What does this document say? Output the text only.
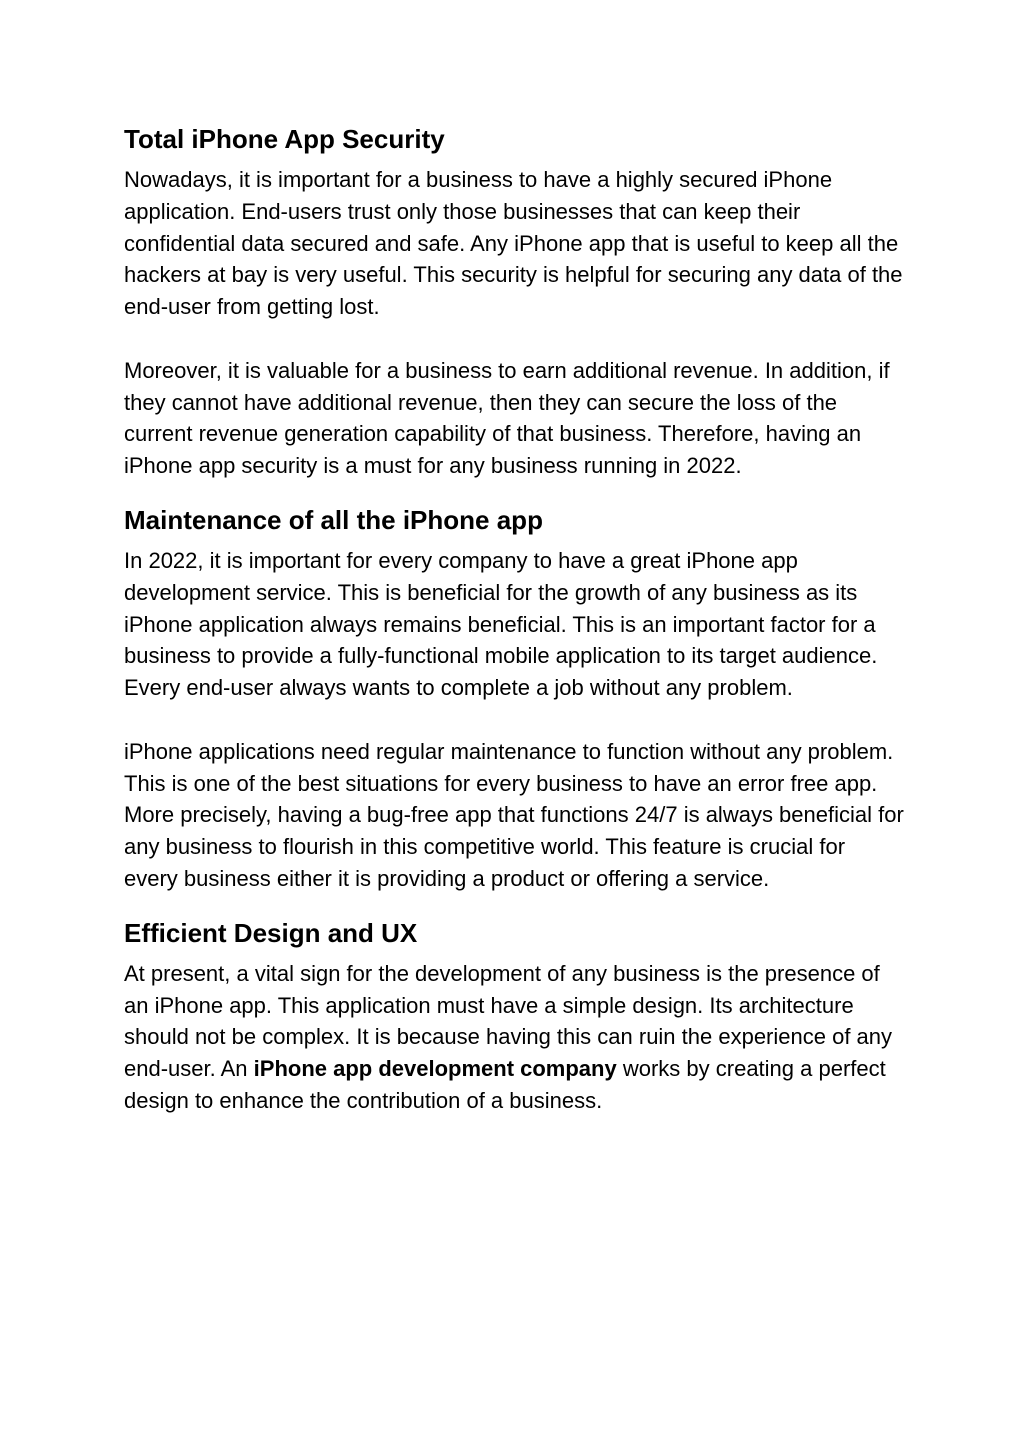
Total iPhone App Security

Nowadays, it is important for a business to have a highly secured iPhone application. End-users trust only those businesses that can keep their confidential data secured and safe. Any iPhone app that is useful to keep all the hackers at bay is very useful. This security is helpful for securing any data of the end-user from getting lost.

Moreover, it is valuable for a business to earn additional revenue. In addition, if they cannot have additional revenue, then they can secure the loss of the current revenue generation capability of that business. Therefore, having an iPhone app security is a must for any business running in 2022.

Maintenance of all the iPhone app

In 2022, it is important for every company to have a great iPhone app development service. This is beneficial for the growth of any business as its iPhone application always remains beneficial. This is an important factor for a business to provide a fully-functional mobile application to its target audience. Every end-user always wants to complete a job without any problem.

iPhone applications need regular maintenance to function without any problem. This is one of the best situations for every business to have an error free app. More precisely, having a bug-free app that functions 24/7 is always beneficial for any business to flourish in this competitive world. This feature is crucial for every business either it is providing a product or offering a service.

Efficient Design and UX

At present, a vital sign for the development of any business is the presence of an iPhone app. This application must have a simple design. Its architecture should not be complex. It is because having this can ruin the experience of any end-user. An iPhone app development company works by creating a perfect design to enhance the contribution of a business.
